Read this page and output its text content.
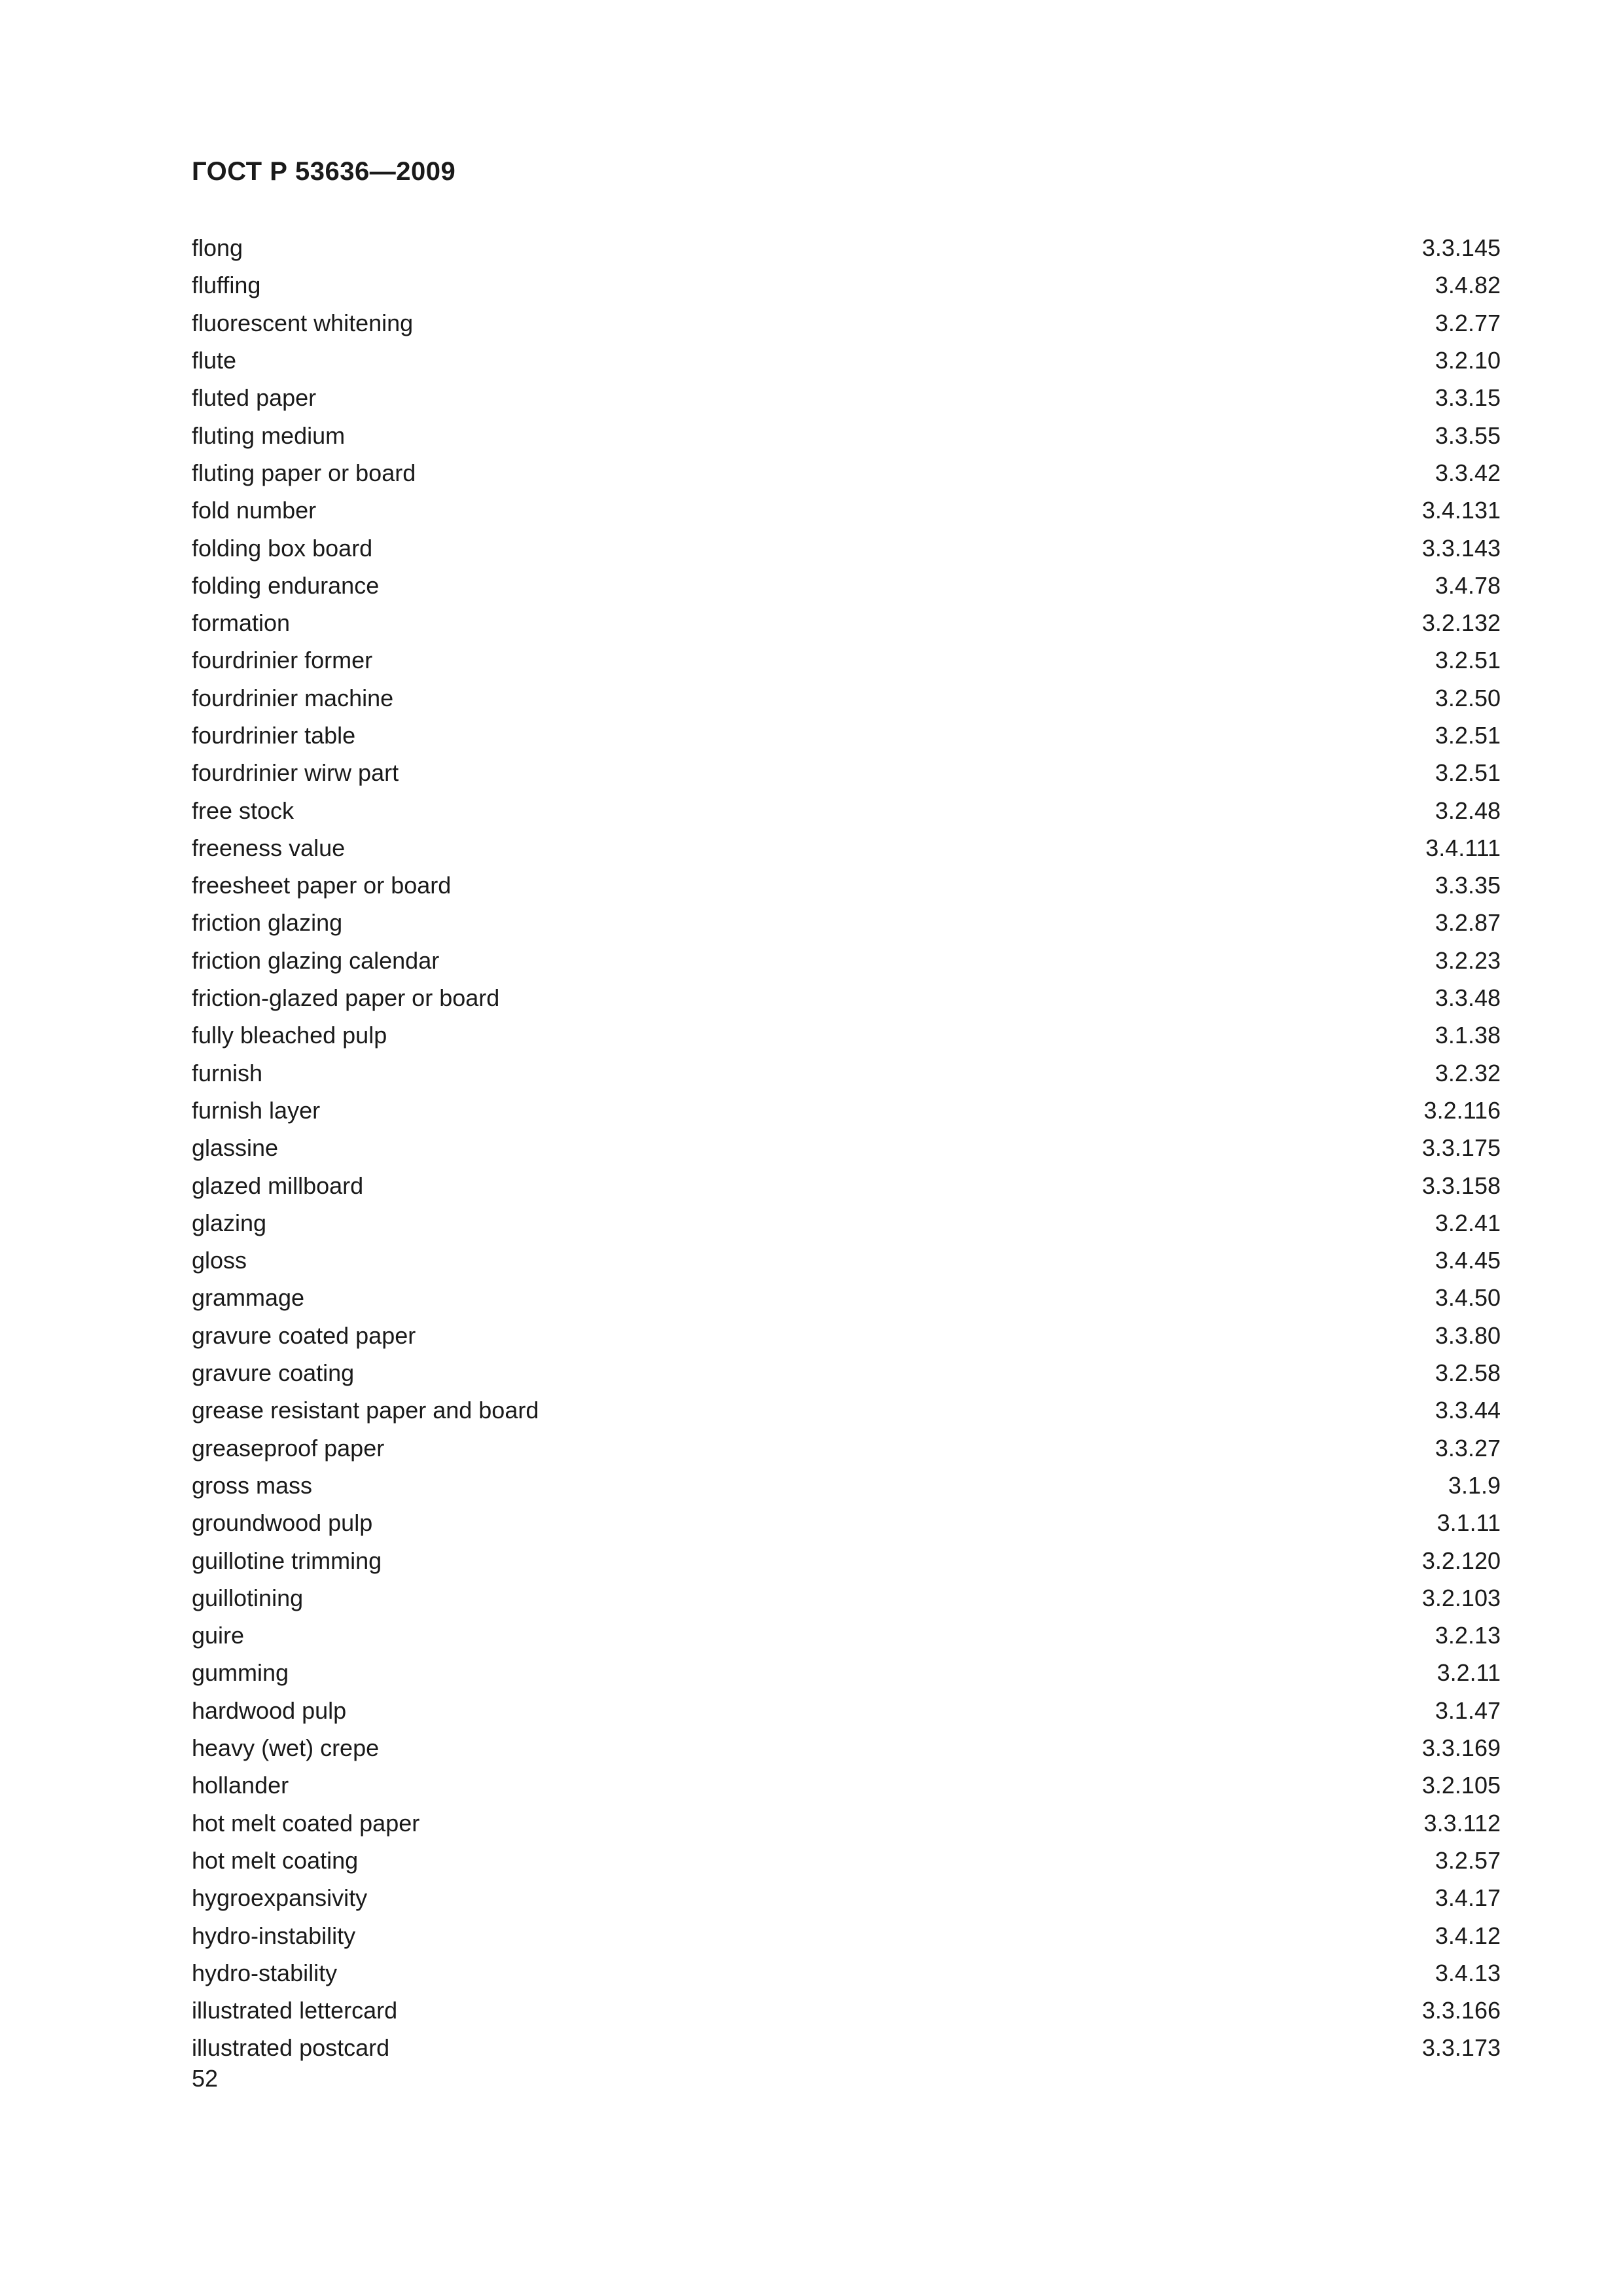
ГОСТ Р 53636—2009
flong	3.3.145
fluffing	3.4.82
fluorescent whitening	3.2.77
flute	3.2.10
fluted paper	3.3.15
fluting medium	3.3.55
fluting paper or board	3.3.42
fold number	3.4.131
folding box board	3.3.143
folding endurance	3.4.78
formation	3.2.132
fourdrinier former	3.2.51
fourdrinier machine	3.2.50
fourdrinier table	3.2.51
fourdrinier wirw part	3.2.51
free stock	3.2.48
freeness value	3.4.111
freesheet paper or board	3.3.35
friction glazing	3.2.87
friction glazing calendar	3.2.23
friction-glazed paper or board	3.3.48
fully bleached pulp	3.1.38
furnish	3.2.32
furnish layer	3.2.116
glassine	3.3.175
glazed millboard	3.3.158
glazing	3.2.41
gloss	3.4.45
grammage	3.4.50
gravure coated paper	3.3.80
gravure coating	3.2.58
grease resistant paper and board	3.3.44
greaseproof paper	3.3.27
gross mass	3.1.9
groundwood pulp	3.1.11
guillotine trimming	3.2.120
guillotining	3.2.103
guire	3.2.13
gumming	3.2.11
hardwood pulp	3.1.47
heavy (wet) crepe	3.3.169
hollander	3.2.105
hot melt coated paper	3.3.112
hot melt coating	3.2.57
hygroexpansivity	3.4.17
hydro-instability	3.4.12
hydro-stability	3.4.13
illustrated lettercard	3.3.166
illustrated postcard	3.3.173
52
